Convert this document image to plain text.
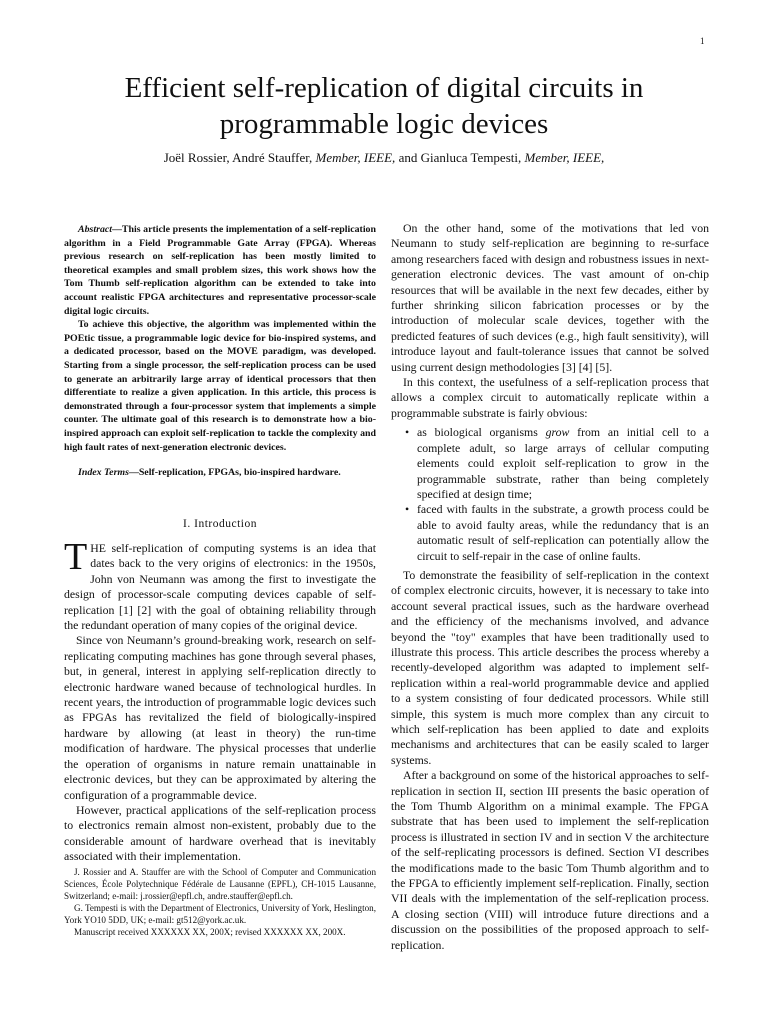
1
Efficient self-replication of digital circuits in
programmable logic devices
Joël Rossier, André Stauffer, Member, IEEE, and Gianluca Tempesti, Member, IEEE,

Abstract—This article presents the implementation of a self-replication algorithm in a Field Programmable Gate Array (FPGA). Whereas previous research on self-replication has been mostly limited to theoretical examples and small problem sizes, this work shows how the Tom Thumb self-replication algorithm can be extended to take into account realistic FPGA architectures and representative processor-scale digital logic circuits.

To achieve this objective, the algorithm was implemented within the POEtic tissue, a programmable logic device for bio-inspired systems, and a dedicated processor, based on the MOVE paradigm, was developed. Starting from a single processor, the self-replication process can be used to generate an arbitrarily large array of identical processors that then differentiate to realize a given application. In this article, this process is demonstrated through a four-processor system that implements a simple counter. The ultimate goal of this research is to demonstrate how a bio-inspired approach can exploit self-replication to tackle the complexity and high fault rates of next-generation electronic devices.

Index Terms—Self-replication, FPGAs, bio-inspired hardware.
I. Introduction

THE self-replication of computing systems is an idea that dates back to the very origins of electronics: in the 1950s, John von Neumann was among the first to investigate the design of processor-scale computing devices capable of self-replication [1] [2] with the goal of obtaining reliability through the redundant operation of many copies of the original device.

Since von Neumann’s ground-breaking work, research on self-replicating computing machines has gone through several phases, but, in general, interest in applying self-replication directly to electronic hardware waned because of technological hurdles. In recent years, the introduction of programmable logic devices such as FPGAs has revitalized the field of biologically-inspired hardware by allowing (at least in theory) the run-time modification of hardware. The physical processes that underlie the operation of organisms in nature remain unattainable in electronic devices, but they can be approximated by altering the configuration of a programmable device.

However, practical applications of the self-replication process to electronics remain almost non-existent, probably due to the considerable amount of hardware overhead that is inevitably associated with their implementation.

J. Rossier and A. Stauffer are with the School of Computer and Communication Sciences, École Polytechnique Fédérale de Lausanne (EPFL), CH-1015 Lausanne, Switzerland; e-mail: j.rossier@epfl.ch, andre.stauffer@epfl.ch.

G. Tempesti is with the Department of Electronics, University of York, Heslington, York YO10 5DD, UK; e-mail: gt512@york.ac.uk.

Manuscript received XXXXXX XX, 200X; revised XXXXXX XX, 200X.

On the other hand, some of the motivations that led von Neumann to study self-replication are beginning to re-surface among researchers faced with design and robustness issues in next-generation electronic devices. The vast amount of on-chip resources that will be available in the next few decades, either by further shrinking silicon fabrication processes or by the introduction of molecular scale devices, together with the predicted features of such devices (e.g., high fault sensitivity), will introduce layout and fault-tolerance issues that cannot be solved using current design methodologies [3] [4] [5].

In this context, the usefulness of a self-replication process that allows a complex circuit to automatically replicate within a programmable substrate is fairly obvious:

• as biological organisms grow from an initial cell to a complete adult, so large arrays of cellular computing elements could exploit self-replication to grow in the programmable substrate, rather than being completely specified at design time;
• faced with faults in the substrate, a growth process could be able to avoid faulty areas, while the redundancy that is an automatic result of self-replication can potentially allow the circuit to self-repair in the case of online faults.

To demonstrate the feasibility of self-replication in the context of complex electronic circuits, however, it is necessary to take into account several practical issues, such as the hardware overhead and the efficiency of the mechanisms involved, and advance beyond the "toy" examples that have been traditionally used to illustrate this process. This article describes the process whereby a recently-developed algorithm was adapted to implement self-replication within a real-world programmable device and applied to a system consisting of four dedicated processors. While still simple, this system is much more complex than any circuit to which self-replication has been applied to date and exploits mechanisms and architectures that can be easily scaled to larger systems.

After a background on some of the historical approaches to self-replication in section II, section III presents the basic operation of the Tom Thumb Algorithm on a minimal example. The FPGA substrate that has been used to implement the self-replication process is illustrated in section IV and in section V the architecture of the self-replicating processors is defined. Section VI describes the modifications made to the basic Tom Thumb algorithm and to the FPGA to efficiently implement self-replication. Finally, section VII deals with the implementation of the self-replication process. A closing section (VIII) will introduce future directions and a discussion on the possibilities of the proposed approach to self-replication.
